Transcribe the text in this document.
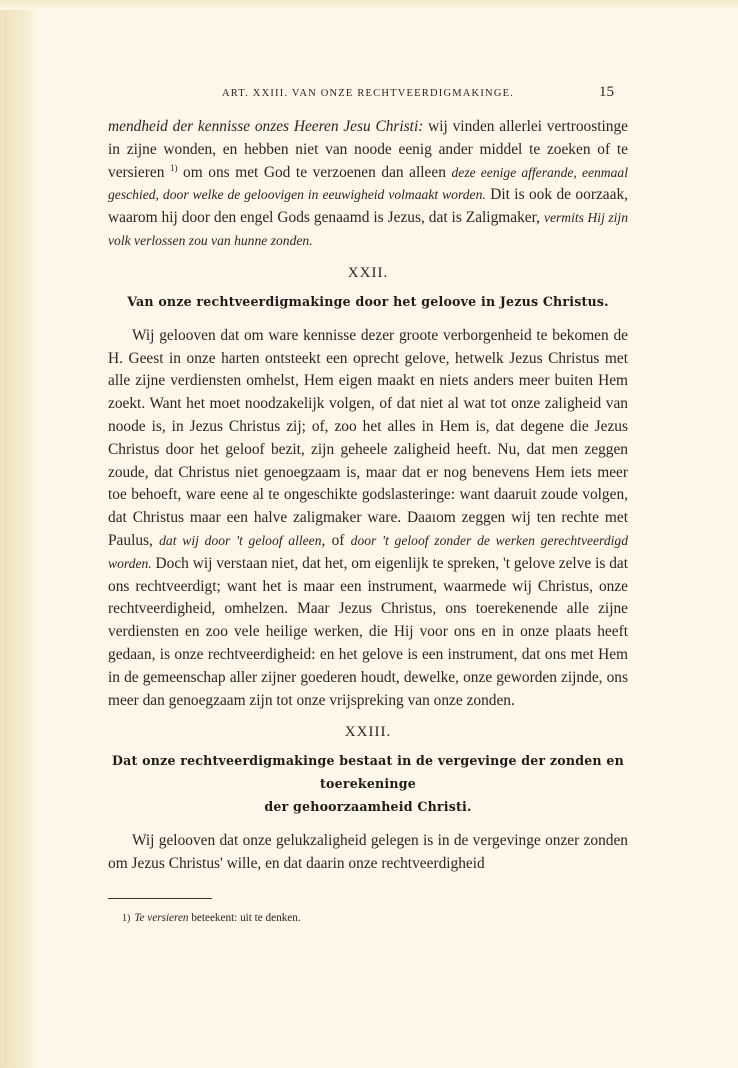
ART. XXIII. VAN ONZE RECHTVEERDIGMAKINGE.	15

mendheid der kennisse onzes Heeren Jesu Christi: wij vinden allerlei vertroostinge in zijne wonden, en hebben niet van noode eenig ander middel te zoeken of te versieren $^{1)}$ om ons met God te verzoenen dan alleen deze eenige afferande, eenmaal geschied, door welke de geloovigen in eeuwigheid volmaakt worden. Dit is ook de oorzaak, waarom hij door den engel Gods genaamd is Jezus, dat is Zaligmaker, vermits Hij zijn volk verlossen zou van hunne zonden.

XXII.
Van onze rechtveerdigmakinge door het geloove in Jezus Christus.

Wij gelooven dat om ware kennisse dezer groote verborgenheid te bekomen de H. Geest in onze harten ontsteekt een oprecht gelove, hetwelk Jezus Christus met alle zijne verdiensten omhelst, Hem eigen maakt en niets anders meer buiten Hem zoekt. Want het moet noodzakelijk volgen, of dat niet al wat tot onze zaligheid van noode is, in Jezus Christus zij; of, zoo het alles in Hem is, dat degene die Jezus Christus door het geloof bezit, zijn geheele zaligheid heeft. Nu, dat men zeggen zoude, dat Christus niet genoegzaam is, maar dat er nog benevens Hem iets meer toe behoeft, ware eene al te ongeschikte godslasteringe: want daaruit zoude volgen, dat Christus maar een halve zaligmaker ware. Daaıom zeggen wij ten rechte met Paulus, dat wij door 't geloof alleen, of door 't geloof zonder de werken gerechtveerdigd worden. Doch wij verstaan niet, dat het, om eigenlijk te spreken, 't gelove zelve is dat ons rechtveerdigt; want het is maar een instrument, waarmede wij Christus, onze rechtveerdigheid, omhelzen. Maar Jezus Christus, ons toerekenende alle zijne verdiensten en zoo vele heilige werken, die Hij voor ons en in onze plaats heeft gedaan, is onze rechtveerdigheid: en het gelove is een instrument, dat ons met Hem in de gemeenschap aller zijner goederen houdt, dewelke, onze geworden zijnde, ons meer dan genoegzaam zijn tot onze vrijspreking van onze zonden.

XXIII.
Dat onze rechtveerdigmakinge bestaat in de vergevinge der zonden en toerekeninge
der gehoorzaamheid Christi.

Wij gelooven dat onze gelukzaligheid gelegen is in de vergevinge onzer zonden om Jezus Christus' wille, en dat daarin onze rechtveerdigheid

1) Te versieren beteekent: uit te denken.
